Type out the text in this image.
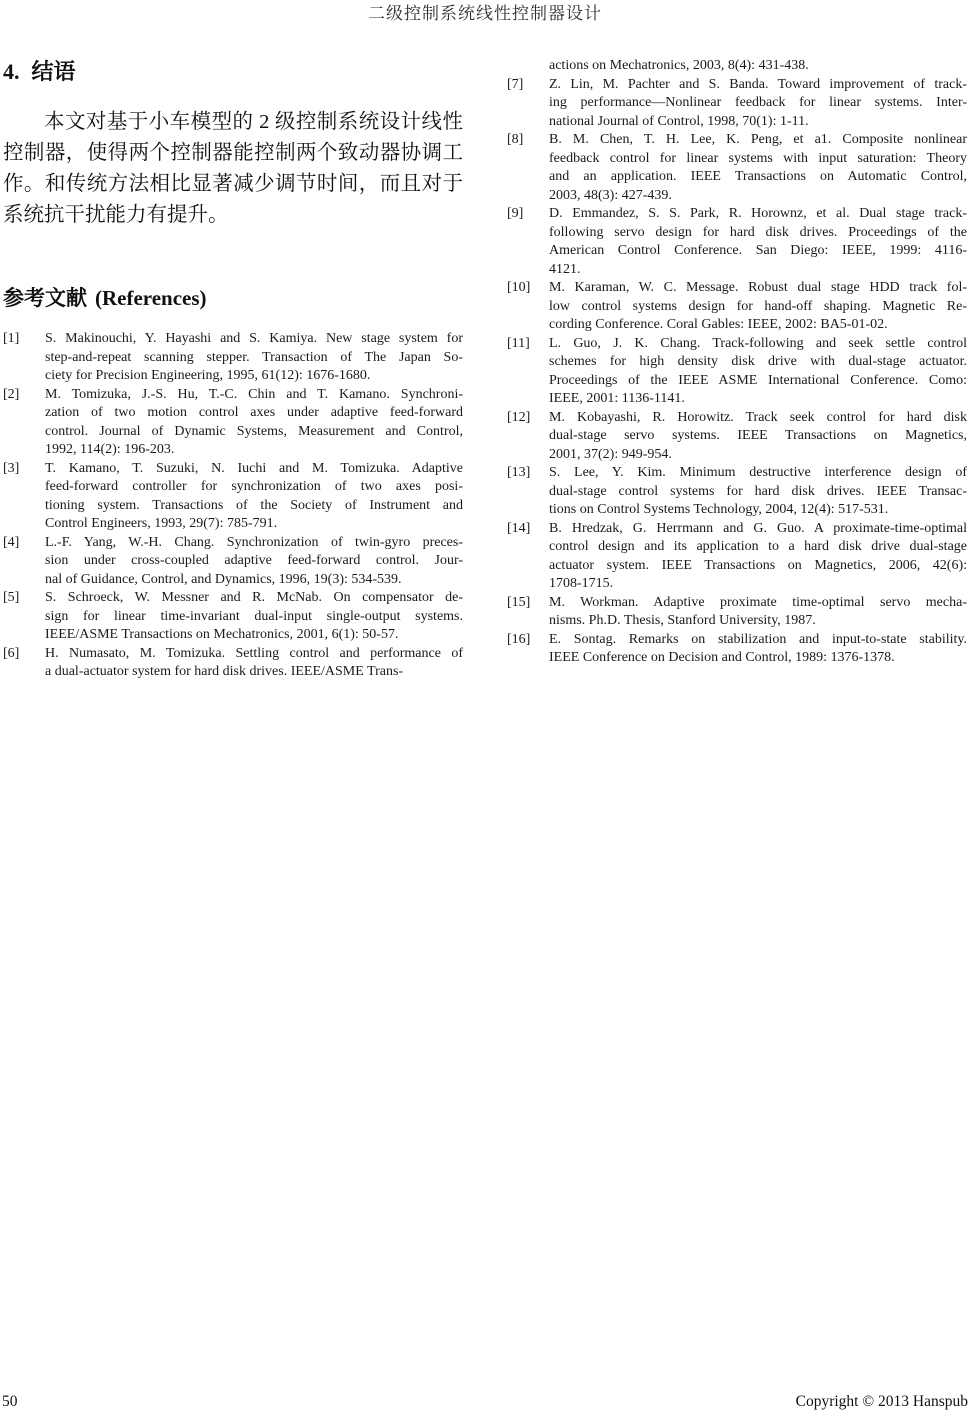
二级控制系统线性控制器设计
4. 结语

本文对基于小车模型的 2 级控制系统设计线性控制器，使得两个控制器能控制两个致动器协调工作。和传统方法相比显著减少调节时间，而且对于系统抗干扰能力有提升。

参考文献 (References)
[1]	S. Makinouchi, Y. Hayashi and S. Kamiya. New stage system for
step-and-repeat scanning stepper. Transaction of The Japan So-
ciety for Precision Engineering, 1995, 61(12): 1676-1680.
[2]	M. Tomizuka, J.-S. Hu, T.-C. Chin and T. Kamano. Synchroni-
zation of two motion control axes under adaptive feed-forward
control. Journal of Dynamic Systems, Measurement and Control,
1992, 114(2): 196-203.
[3]	T. Kamano, T. Suzuki, N. Iuchi and M. Tomizuka. Adaptive
feed-forward controller for synchronization of two axes posi-
tioning system. Transactions of the Society of Instrument and
Control Engineers, 1993, 29(7): 785-791.
[4]	L.-F. Yang, W.-H. Chang. Synchronization of twin-gyro preces-
sion under cross-coupled adaptive feed-forward control. Jour-
nal of Guidance, Control, and Dynamics, 1996, 19(3): 534-539.
[5]	S. Schroeck, W. Messner and R. McNab. On compensator de-
sign for linear time-invariant dual-input single-output systems.
IEEE/ASME Transactions on Mechatronics, 2001, 6(1): 50-57.
[6]	H. Numasato, M. Tomizuka. Settling control and performance of
a dual-actuator system for hard disk drives. IEEE/ASME Trans-
actions on Mechatronics, 2003, 8(4): 431-438.
[7]	Z. Lin, M. Pachter and S. Banda. Toward improvement of track-
ing performance—Nonlinear feedback for linear systems. Inter-
national Journal of Control, 1998, 70(1): 1-11.
[8]	B. M. Chen, T. H. Lee, K. Peng, et a1. Composite nonlinear
feedback control for linear systems with input saturation: Theory
and an application. IEEE Transactions on Automatic Control,
2003, 48(3): 427-439.
[9]	D. Emmandez, S. S. Park, R. Horownz, et al. Dual stage track-
following servo design for hard disk drives. Proceedings of the
American Control Conference. San Diego: IEEE, 1999: 4116-
4121.
[10]	M. Karaman, W. C. Message. Robust dual stage HDD track fol-
low control systems design for hand-off shaping. Magnetic Re-
cording Conference. Coral Gables: IEEE, 2002: BA5-01-02.
[11]	L. Guo, J. K. Chang. Track-following and seek settle control
schemes for high density disk drive with dual-stage actuator.
Proceedings of the IEEE ASME International Conference. Como:
IEEE, 2001: 1136-1141.
[12]	M. Kobayashi, R. Horowitz. Track seek control for hard disk
dual-stage servo systems. IEEE Transactions on Magnetics,
2001, 37(2): 949-954.
[13]	S. Lee, Y. Kim. Minimum destructive interference design of
dual-stage control systems for hard disk drives. IEEE Transac-
tions on Control Systems Technology, 2004, 12(4): 517-531.
[14]	B. Hredzak, G. Herrmann and G. Guo. A proximate-time-optimal
control design and its application to a hard disk drive dual-stage
actuator system. IEEE Transactions on Magnetics, 2006, 42(6):
1708-1715.
[15]	M. Workman. Adaptive proximate time-optimal servo mecha-
nisms. Ph.D. Thesis, Stanford University, 1987.
[16]	E. Sontag. Remarks on stabilization and input-to-state stability.
IEEE Conference on Decision and Control, 1989: 1376-1378.
50	Copyright © 2013 Hanspub
